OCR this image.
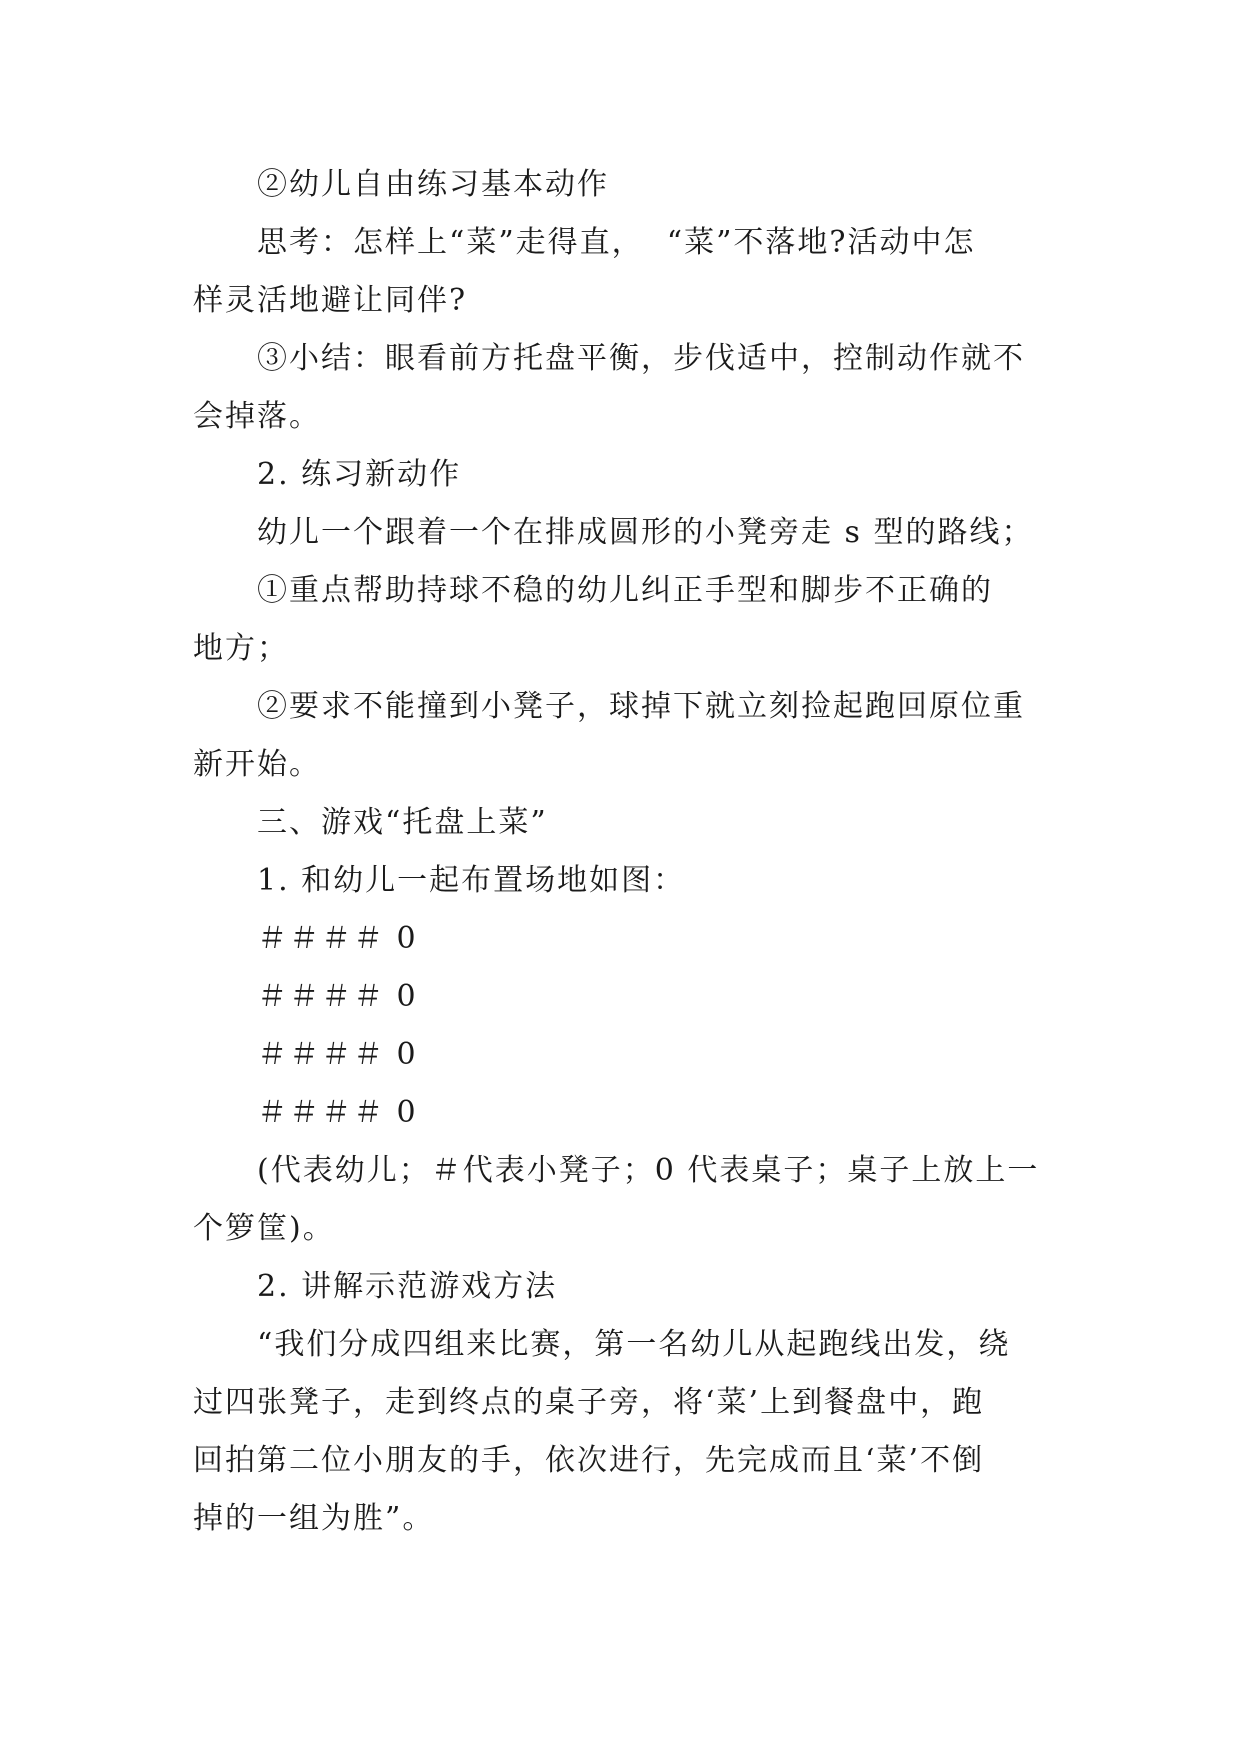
②幼儿自由练习基本动作
思考：怎样上“菜”走得直，  “菜”不落地?活动中怎
样灵活地避让同伴?
③小结：眼看前方托盘平衡，步伐适中，控制动作就不
会掉落。
2. 练习新动作
幼儿一个跟着一个在排成圆形的小凳旁走 s 型的路线；
①重点帮助持球不稳的幼儿纠正手型和脚步不正确的
地方；
②要求不能撞到小凳子，球掉下就立刻捡起跑回原位重
新开始。
三、游戏“托盘上菜”
1. 和幼儿一起布置场地如图：
＃＃＃＃ 0
＃＃＃＃ 0
＃＃＃＃ 0
＃＃＃＃ 0
(代表幼儿；＃代表小凳子；0 代表桌子；桌子上放上一
个箩筐)。
2. 讲解示范游戏方法
“我们分成四组来比赛，第一名幼儿从起跑线出发，绕
过四张凳子，走到终点的桌子旁，将‘菜’上到餐盘中，跑
回拍第二位小朋友的手，依次进行，先完成而且‘菜’不倒
掉的一组为胜”。
